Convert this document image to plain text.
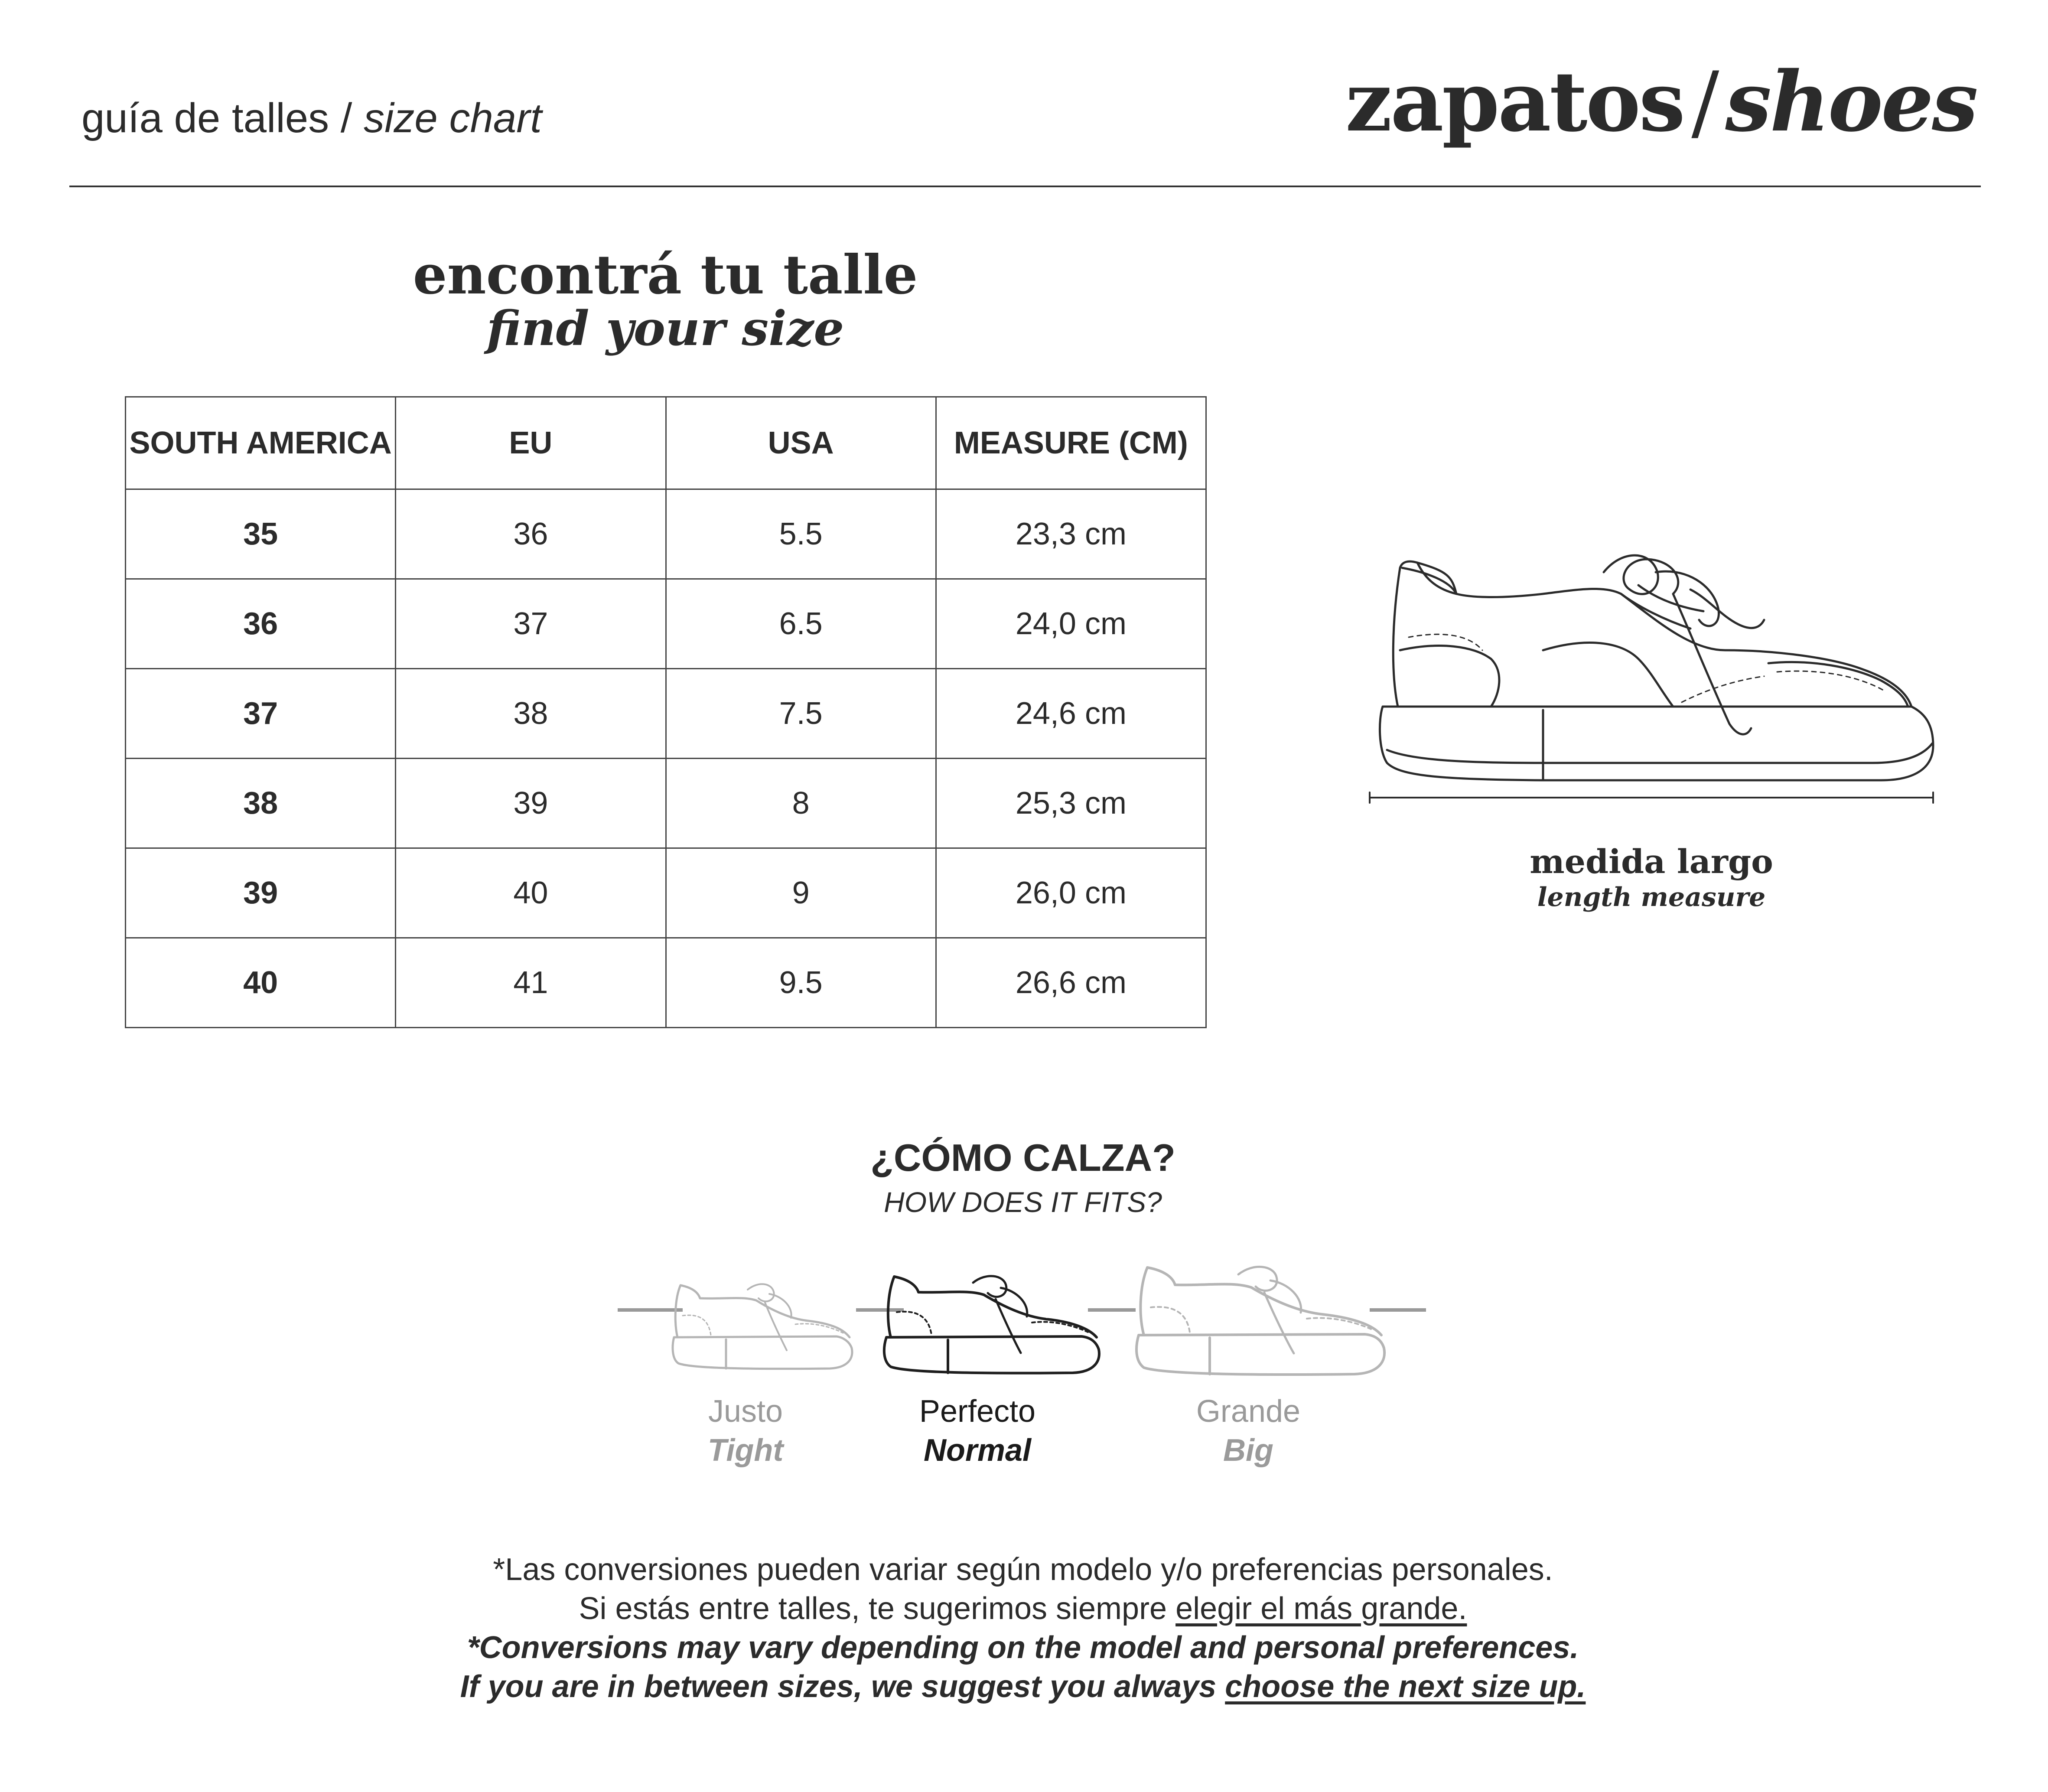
guía de talles / size chart	zapatos/shoes
encontrá tu talle
find your size
SOUTH AMERICA	EU	USA	MEASURE (CM)
35	36	5.5	23,3 cm
36	37	6.5	24,0 cm
37	38	7.5	24,6 cm
38	39	8	25,3 cm
39	40	9	26,0 cm
40	41	9.5	26,6 cm
medida largo
length measure
¿CÓMO CALZA?
HOW DOES IT FITS?
Justo
Tight
Perfecto
Normal
Grande
Big
*Las conversiones pueden variar según modelo y/o preferencias personales.
Si estás entre talles, te sugerimos siempre elegir el más grande.
*Conversions may vary depending on the model and personal preferences.
If you are in between sizes, we suggest you always choose the next size up.
